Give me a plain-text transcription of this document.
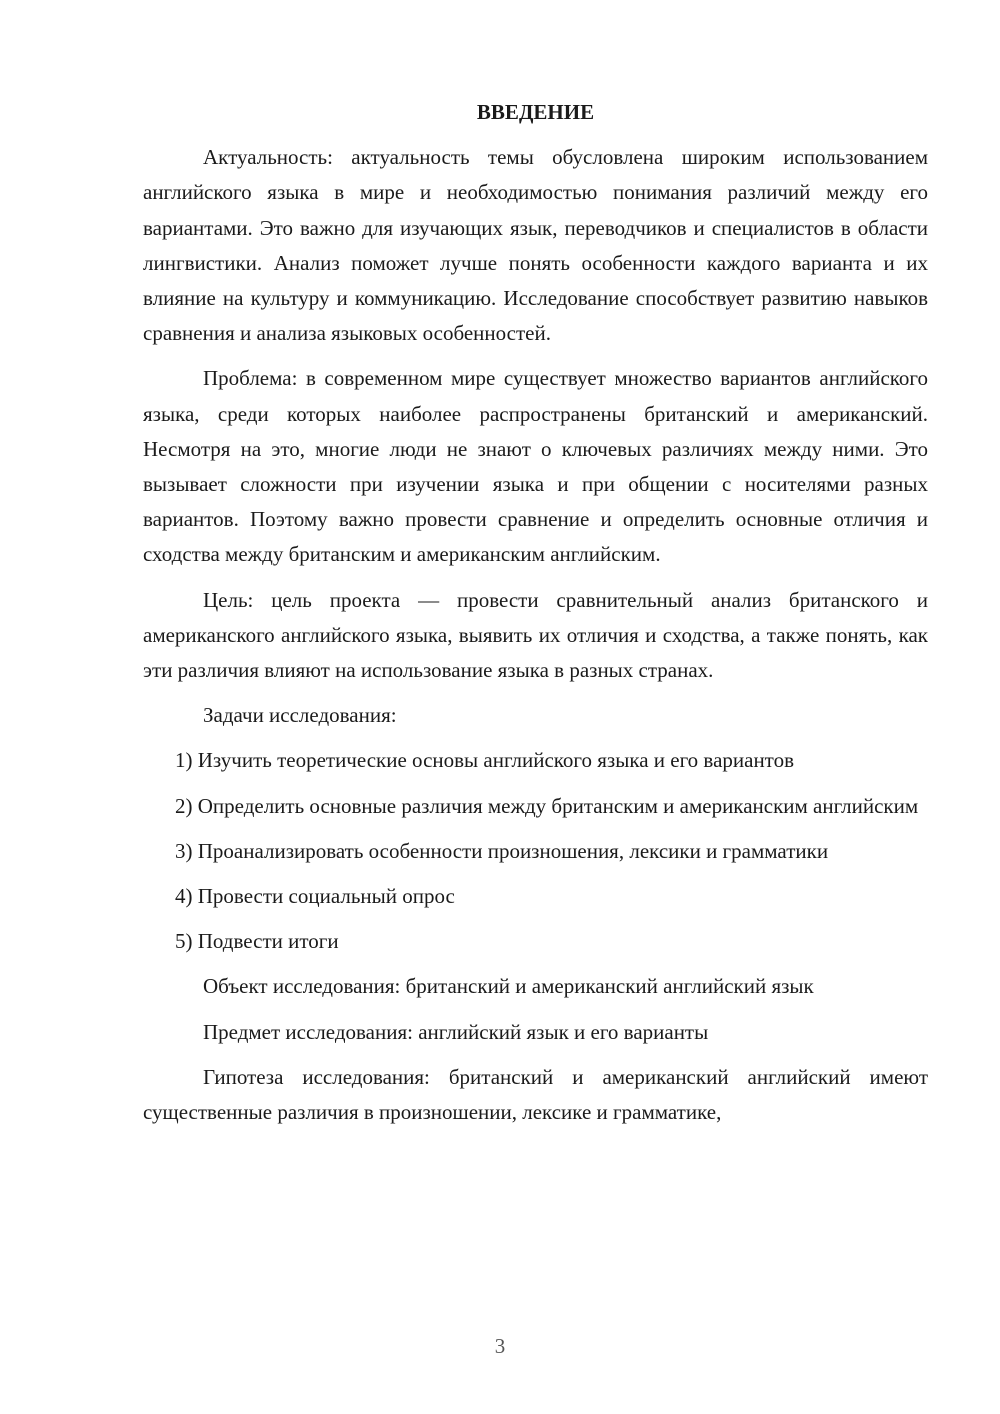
ВВЕДЕНИЕ

Актуальность: актуальность темы обусловлена широким использованием английского языка в мире и необходимостью понимания различий между его вариантами. Это важно для изучающих язык, переводчиков и специалистов в области лингвистики. Анализ поможет лучше понять особенности каждого варианта и их влияние на культуру и коммуникацию. Исследование способствует развитию навыков сравнения и анализа языковых особенностей.

Проблема: в современном мире существует множество вариантов английского языка, среди которых наиболее распространены британский и американский. Несмотря на это, многие люди не знают о ключевых различиях между ними. Это вызывает сложности при изучении языка и при общении с носителями разных вариантов. Поэтому важно провести сравнение и определить основные отличия и сходства между британским и американским английским.

Цель: цель проекта — провести сравнительный анализ британского и американского английского языка, выявить их отличия и сходства, а также понять, как эти различия влияют на использование языка в разных странах.

Задачи исследования:

1) Изучить теоретические основы английского языка и его вариантов

2) Определить основные различия между британским и американским английским

3) Проанализировать особенности произношения, лексики и грамматики

4) Провести социальный опрос

5) Подвести итоги

Объект исследования: британский и американский английский язык

Предмет исследования: английский язык и его варианты

Гипотеза исследования: британский и американский английский имеют существенные различия в произношении, лексике и грамматике,

3
